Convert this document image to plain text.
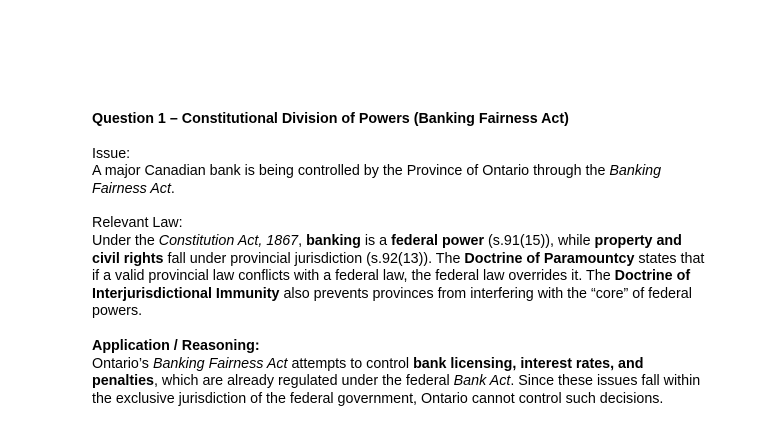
Question 1 – Constitutional Division of Powers (Banking Fairness Act)
Issue:

A major Canadian bank is being controlled by the Province of Ontario through the Banking Fairness Act.

Relevant Law:

Under the Constitution Act, 1867, banking is a federal power (s.91(15)), while property and civil rights fall under provincial jurisdiction (s.92(13)). The Doctrine of Paramountcy states that if a valid provincial law conflicts with a federal law, the federal law overrides it. The Doctrine of Interjurisdictional Immunity also prevents provinces from interfering with the “core” of federal powers.

Application / Reasoning:

Ontario’s Banking Fairness Act attempts to control bank licensing, interest rates, and penalties, which are already regulated under the federal Bank Act. Since these issues fall within the exclusive jurisdiction of the federal government, Ontario cannot control such decisions.
